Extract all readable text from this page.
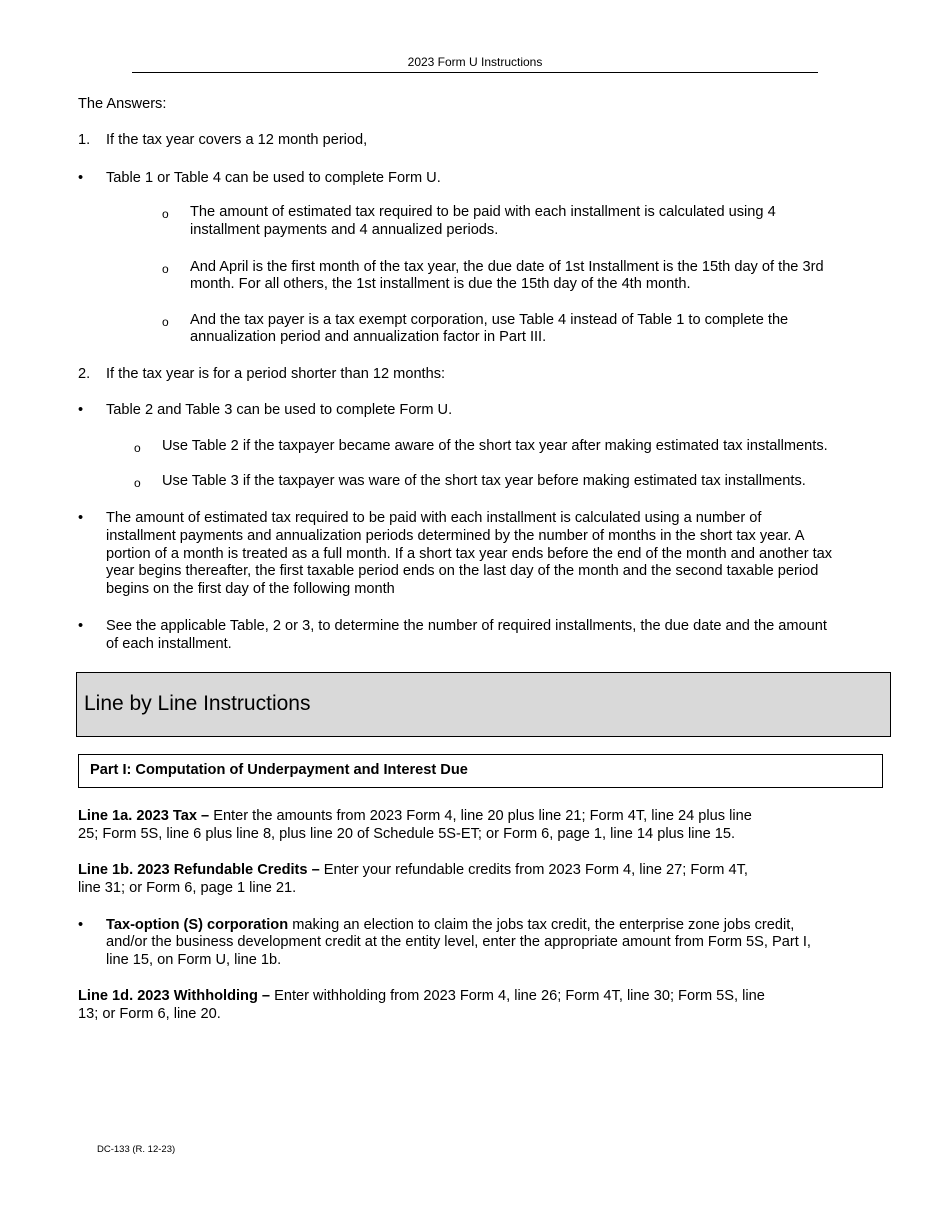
2023 Form U Instructions
The Answers:
1. If the tax year covers a 12 month period,
• Table 1 or Table 4 can be used to complete Form U.
o The amount of estimated tax required to be paid with each installment is calculated using 4
installment payments and 4 annualized periods.
o And April is the first month of the tax year, the due date of 1st Installment is the 15th day of the 3rd
month. For all others, the 1st installment is due the 15th day of the 4th month.
o And the tax payer is a tax exempt corporation, use Table 4 instead of Table 1 to complete the
annualization period and annualization factor in Part III.
2. If the tax year is for a period shorter than 12 months:
• Table 2 and Table 3 can be used to complete Form U.
o Use Table 2 if the taxpayer became aware of the short tax year after making estimated tax installments.
o Use Table 3 if the taxpayer was ware of the short tax year before making estimated tax installments.
• The amount of estimated tax required to be paid with each installment is calculated using a number of
installment payments and annualization periods determined by the number of months in the short tax year. A
portion of a month is treated as a full month. If a short tax year ends before the end of the month and another tax
year begins thereafter, the first taxable period ends on the last day of the month and the second taxable period
begins on the first day of the following month
• See the applicable Table, 2 or 3, to determine the number of required installments, the due date and the amount
of each installment.
Line by Line Instructions
Part I: Computation of Underpayment and Interest Due
Line 1a. 2023 Tax – Enter the amounts from 2023 Form 4, line 20 plus line 21; Form 4T, line 24 plus line
25; Form 5S, line 6 plus line 8, plus line 20 of Schedule 5S-ET; or Form 6, page 1, line 14 plus line 15.
Line 1b. 2023 Refundable Credits – Enter your refundable credits from 2023 Form 4, line 27; Form 4T,
line 31; or Form 6, page 1 line 21.
• Tax-option (S) corporation making an election to claim the jobs tax credit, the enterprise zone jobs credit,
and/or the business development credit at the entity level, enter the appropriate amount from Form 5S, Part I,
line 15, on Form U, line 1b.
Line 1d. 2023 Withholding – Enter withholding from 2023 Form 4, line 26; Form 4T, line 30; Form 5S, line
13; or Form 6, line 20.
DC-133 (R. 12-23)
